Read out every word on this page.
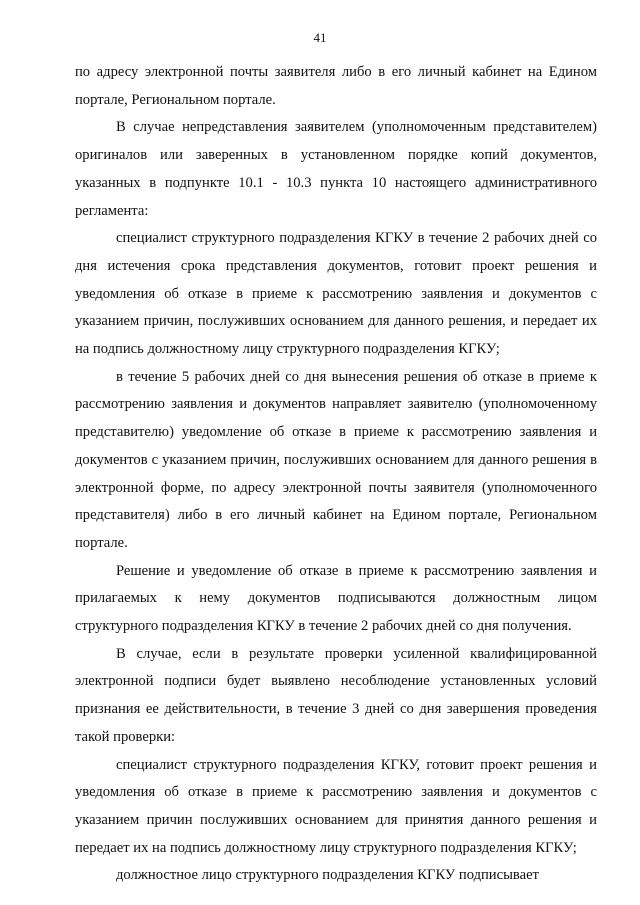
41

по адресу электронной почты заявителя либо в его личный кабинет на Едином порталe, Региональном портале.

В случае непредставления заявителем (уполномоченным представителем) оригиналов или заверенных в установленном порядке копий документов, указанных в подпункте 10.1 - 10.3 пункта 10 настоящего административного регламента:

специалист структурного подразделения КГКУ в течение 2 рабочих дней со дня истечения срока представления документов, готовит проект решения и уведомления об отказе в приеме к рассмотрению заявления и документов с указанием причин, послуживших основанием для данного решения, и передает их на подпись должностному лицу структурного подразделения КГКУ;

в течение 5 рабочих дней со дня вынесения решения об отказе в приеме к рассмотрению заявления и документов направляет заявителю (уполномоченному представителю) уведомление об отказе в приеме к рассмотрению заявления и документов с указанием причин, послуживших основанием для данного решения в электронной форме, по адресу электронной почты заявителя (уполномоченного представителя) либо в его личный кабинет на Едином портале, Региональном портале.

Решение и уведомление об отказе в приеме к рассмотрению заявления и прилагаемых к нему документов подписываются должностным лицом структурного подразделения КГКУ в течение 2 рабочих дней со дня получения.

В случае, если в результате проверки усиленной квалифицированной электронной подписи будет выявлено несоблюдение установленных условий признания ее действительности, в течение 3 дней со дня завершения проведения такой проверки:

специалист структурного подразделения КГКУ, готовит проект решения и уведомления об отказе в приеме к рассмотрению заявления и документов с указанием причин послуживших основанием для принятия данного решения и передает их на подпись должностному лицу структурного подразделения КГКУ;

должностное лицо структурного подразделения КГКУ подписывает
